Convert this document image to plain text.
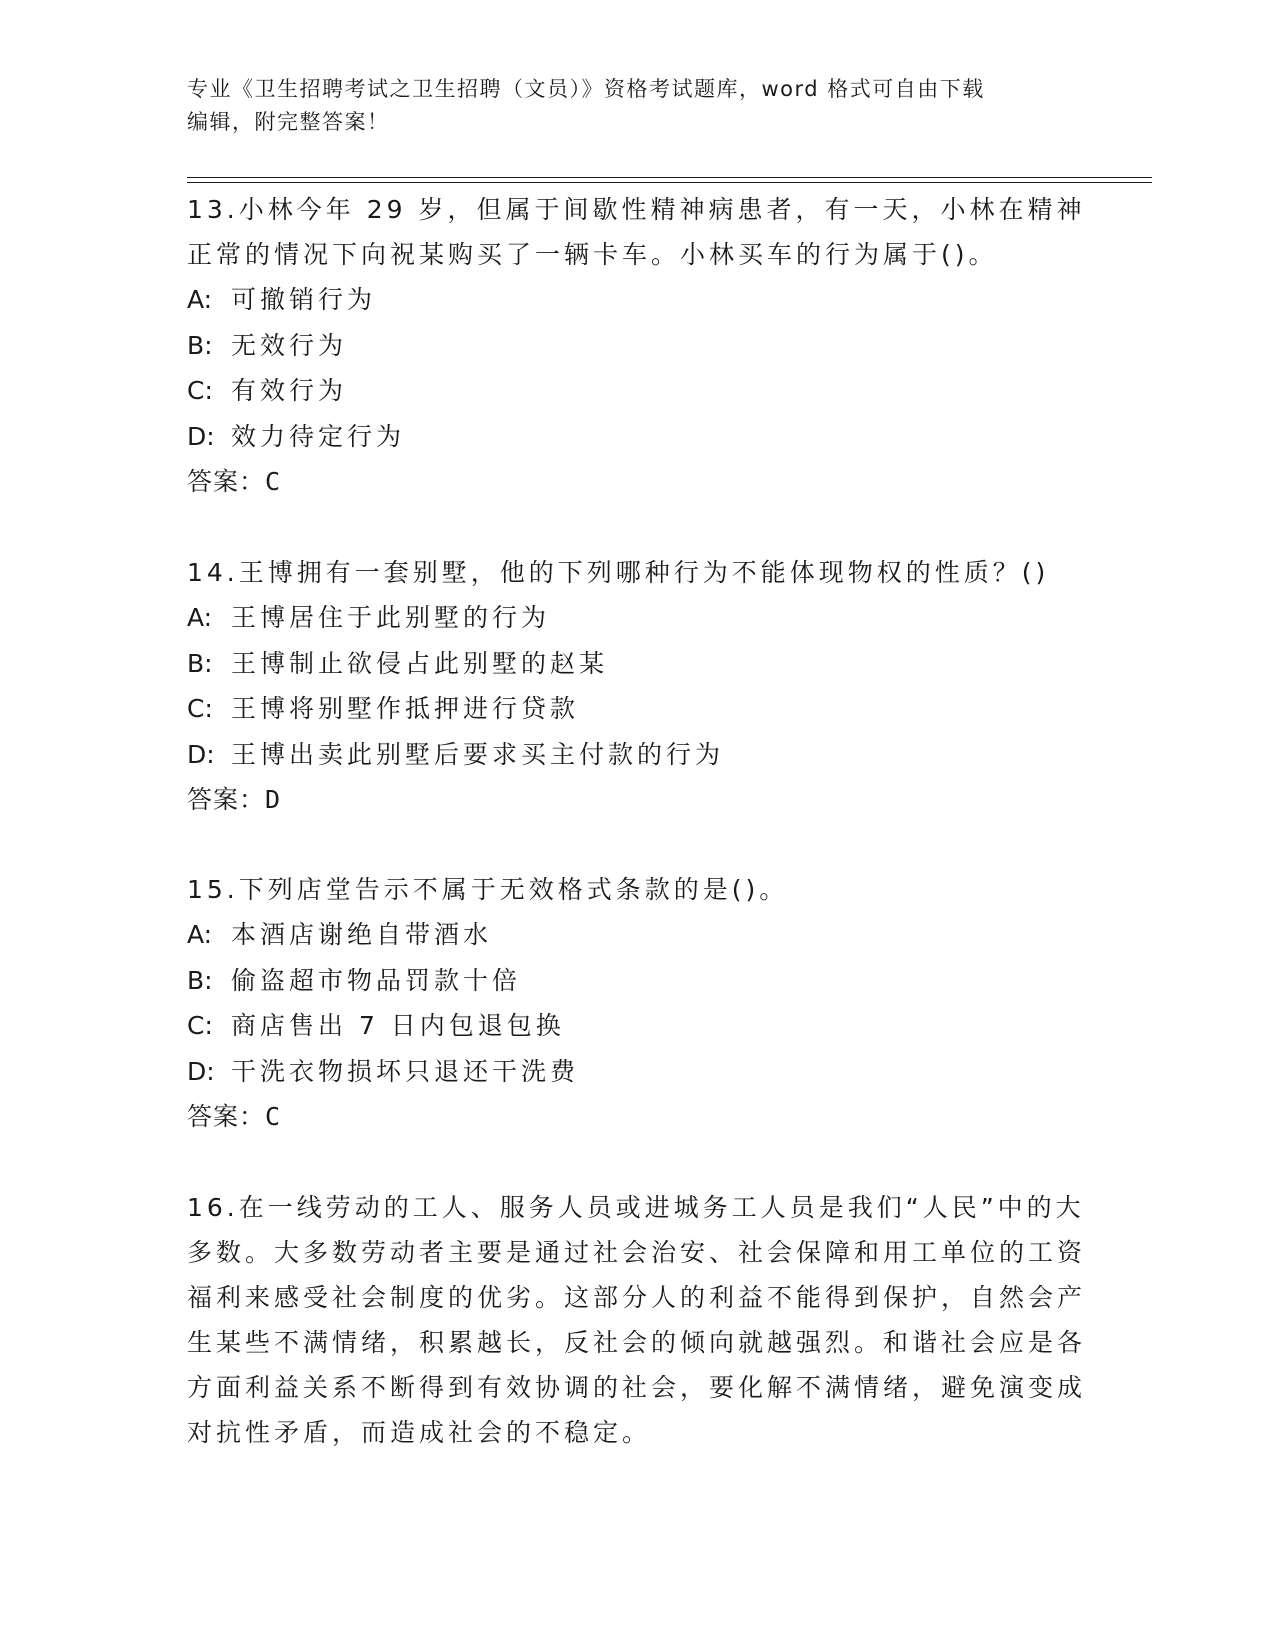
专业《卫生招聘考试之卫生招聘（文员）》资格考试题库，word 格式可自由下载
编辑，附完整答案！
13.小林今年 29 岁，但属于间歇性精神病患者，有一天，小林在精神正常的情况下向祝某购买了一辆卡车。小林买车的行为属于()。
A: 可撤销行为
B: 无效行为
C: 有效行为
D: 效力待定行为
答案：C
14.王博拥有一套别墅，他的下列哪种行为不能体现物权的性质？()
A: 王博居住于此别墅的行为
B: 王博制止欲侵占此别墅的赵某
C: 王博将别墅作抵押进行贷款
D: 王博出卖此别墅后要求买主付款的行为
答案：D
15.下列店堂告示不属于无效格式条款的是()。
A: 本酒店谢绝自带酒水
B: 偷盗超市物品罚款十倍
C: 商店售出 7 日内包退包换
D: 干洗衣物损坏只退还干洗费
答案：C
16.在一线劳动的工人、服务人员或进城务工人员是我们“人民”中的大多数。大多数劳动者主要是通过社会治安、社会保障和用工单位的工资福利来感受社会制度的优劣。这部分人的利益不能得到保护，自然会产生某些不满情绪，积累越长，反社会的倾向就越强烈。和谐社会应是各方面利益关系不断得到有效协调的社会，要化解不满情绪，避免演变成对抗性矛盾，而造成社会的不稳定。
